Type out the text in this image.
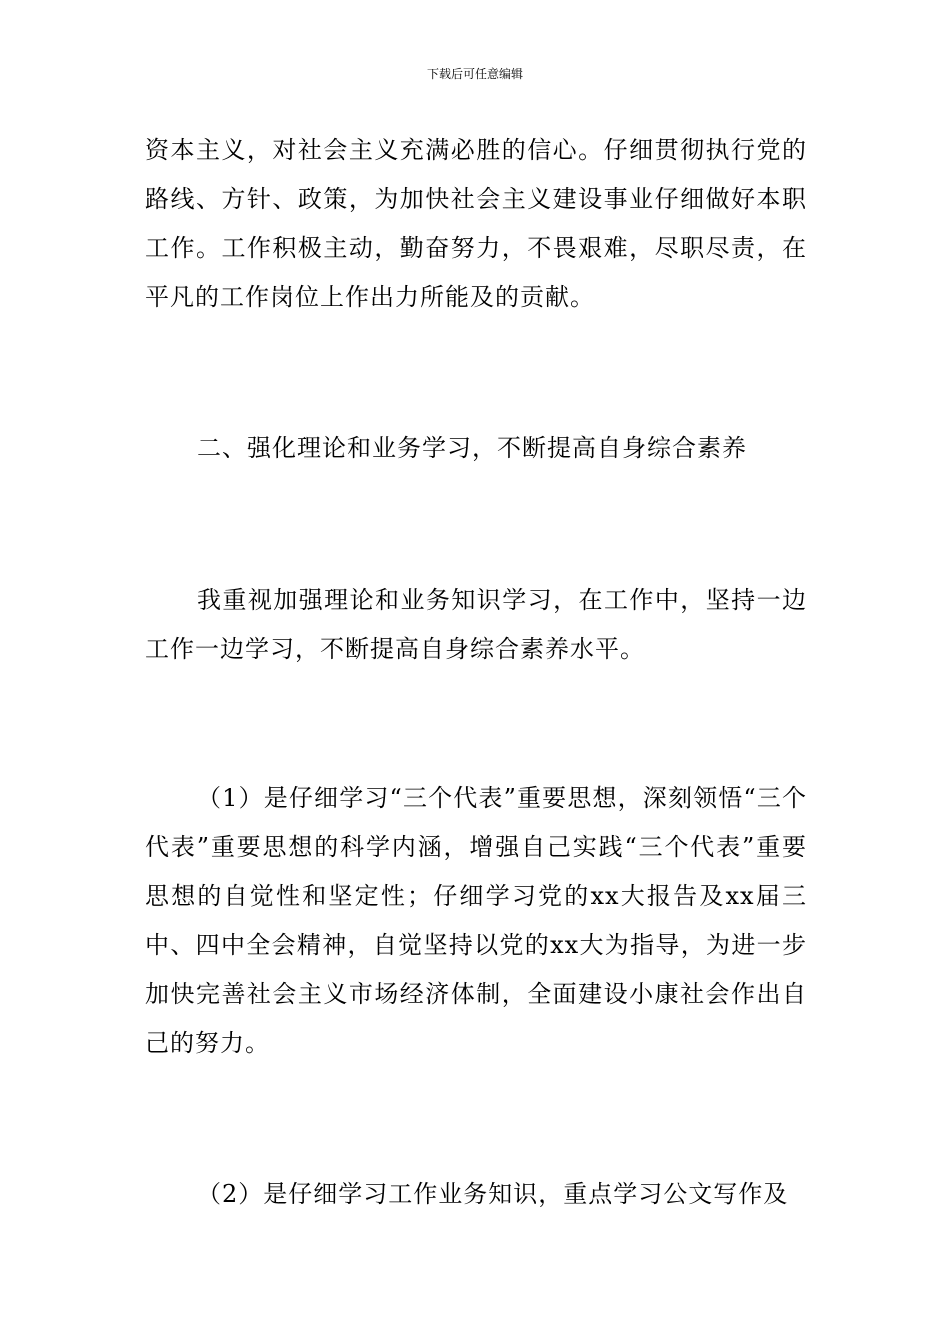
下载后可任意编辑

资本主义，对社会主义充满必胜的信心。仔细贯彻执行党的路线、方针、政策，为加快社会主义建设事业仔细做好本职工作。工作积极主动，勤奋努力，不畏艰难，尽职尽责，在平凡的工作岗位上作出力所能及的贡献。

二、强化理论和业务学习，不断提高自身综合素养

我重视加强理论和业务知识学习，在工作中，坚持一边工作一边学习，不断提高自身综合素养水平。

（1）是仔细学习“三个代表”重要思想，深刻领悟“三个代表”重要思想的科学内涵，增强自己实践“三个代表”重要思想的自觉性和坚定性；仔细学习党的xx大报告及xx届三中、四中全会精神，自觉坚持以党的xx大为指导，为进一步加快完善社会主义市场经济体制，全面建设小康社会作出自己的努力。

（2）是仔细学习工作业务知识，重点学习公文写作及
